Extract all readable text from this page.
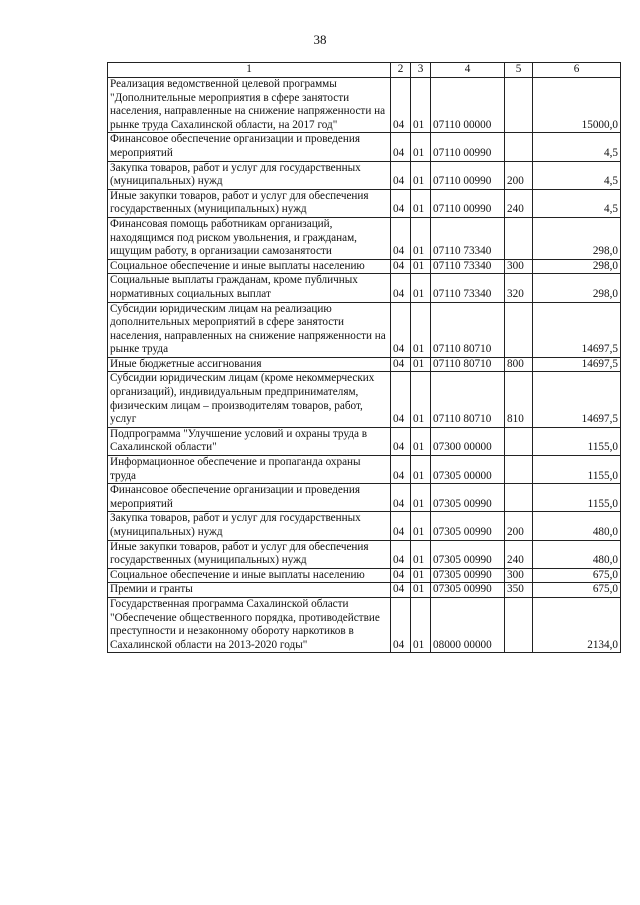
38
1	2	3	4	5	6
Реализация ведомственной целевой программы "Дополнительные мероприятия в сфере занятости населения, направленные на снижение напряженности на рынке труда Сахалинской области, на 2017 год"	04	01	07110 00000		15000,0
Финансовое обеспечение организации и проведения мероприятий	04	01	07110 00990		4,5
Закупка товаров, работ и услуг для государственных (муниципальных) нужд	04	01	07110 00990	200	4,5
Иные закупки товаров, работ и услуг для обеспечения государственных (муниципальных) нужд	04	01	07110 00990	240	4,5
Финансовая помощь работникам организаций, находящимся под риском увольнения, и гражданам, ищущим работу, в организации самозанятости	04	01	07110 73340		298,0
Социальное обеспечение и иные выплаты населению	04	01	07110 73340	300	298,0
Социальные выплаты гражданам, кроме публичных нормативных социальных выплат	04	01	07110 73340	320	298,0
Субсидии юридическим лицам на реализацию дополнительных мероприятий в сфере занятости населения, направленных на снижение напряженности на рынке труда	04	01	07110 80710		14697,5
Иные бюджетные ассигнования	04	01	07110 80710	800	14697,5
Субсидии юридическим лицам (кроме некоммерческих организаций), индивидуальным предпринимателям, физическим лицам – производителям товаров, работ, услуг	04	01	07110 80710	810	14697,5
Подпрограмма "Улучшение условий и охраны труда в Сахалинской области"	04	01	07300 00000		1155,0
Информационное обеспечение и пропаганда охраны труда	04	01	07305 00000		1155,0
Финансовое обеспечение организации и проведения мероприятий	04	01	07305 00990		1155,0
Закупка товаров, работ и услуг для государственных (муниципальных) нужд	04	01	07305 00990	200	480,0
Иные закупки товаров, работ и услуг для обеспечения государственных (муниципальных) нужд	04	01	07305 00990	240	480,0
Социальное обеспечение и иные выплаты населению	04	01	07305 00990	300	675,0
Премии и гранты	04	01	07305 00990	350	675,0
Государственная программа Сахалинской области "Обеспечение общественного порядка, противодействие преступности и незаконному обороту наркотиков в Сахалинской области на 2013-2020 годы"	04	01	08000 00000		2134,0
